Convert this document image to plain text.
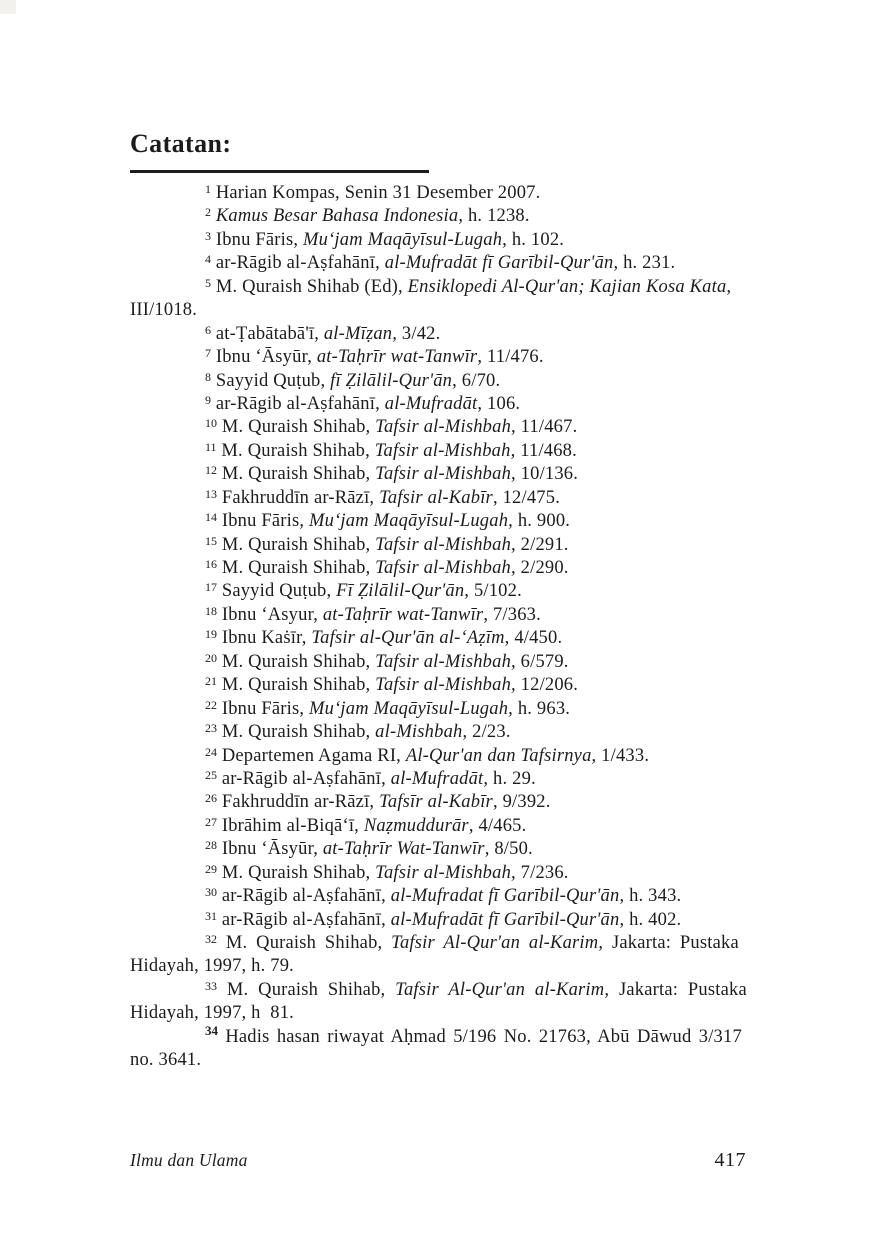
Catatan:
1 Harian Kompas, Senin 31 Desember 2007.
2 Kamus Besar Bahasa Indonesia, h. 1238.
3 Ibnu Fāris, Mu‘jam Maqāyīsul-Lugah, h. 102.
4 ar-Rāgib al-Aṣfahānī, al-Mufradāt fī Garībil-Qur'ān, h. 231.
5 M. Quraish Shihab (Ed), Ensiklopedi Al-Qur'an; Kajian Kosa Kata,
III/1018.
6 at-Ṭabātabā'ī, al-Mīẓan, 3/42.
7 Ibnu ‘Āsyūr, at-Taḥrīr wat-Tanwīr, 11/476.
8 Sayyid Quṭub, fī Ẓilālil-Qur'ān, 6/70.
9 ar-Rāgib al-Aṣfahānī, al-Mufradāt, 106.
10 M. Quraish Shihab, Tafsir al-Mishbah, 11/467.
11 M. Quraish Shihab, Tafsir al-Mishbah, 11/468.
12 M. Quraish Shihab, Tafsir al-Mishbah, 10/136.
13 Fakhruddīn ar-Rāzī, Tafsir al-Kabīr, 12/475.
14 Ibnu Fāris, Mu‘jam Maqāyīsul-Lugah, h. 900.
15 M. Quraish Shihab, Tafsir al-Mishbah, 2/291.
16 M. Quraish Shihab, Tafsir al-Mishbah, 2/290.
17 Sayyid Quṭub, Fī Ẓilālil-Qur'ān, 5/102.
18 Ibnu ‘Asyur, at-Taḥrīr wat-Tanwīr, 7/363.
19 Ibnu Kaṡīr, Tafsir al-Qur'ān al-‘Aẓīm, 4/450.
20 M. Quraish Shihab, Tafsir al-Mishbah, 6/579.
21 M. Quraish Shihab, Tafsir al-Mishbah, 12/206.
22 Ibnu Fāris, Mu‘jam Maqāyīsul-Lugah, h. 963.
23 M. Quraish Shihab, al-Mishbah, 2/23.
24 Departemen Agama RI, Al-Qur'an dan Tafsirnya, 1/433.
25 ar-Rāgib al-Aṣfahānī, al-Mufradāt, h. 29.
26 Fakhruddīn ar-Rāzī, Tafsīr al-Kabīr, 9/392.
27 Ibrāhim al-Biqā‘ī, Naẓmuddurār, 4/465.
28 Ibnu ‘Āsyūr, at-Taḥrīr Wat-Tanwīr, 8/50.
29 M. Quraish Shihab, Tafsir al-Mishbah, 7/236.
30 ar-Rāgib al-Aṣfahānī, al-Mufradat fī Garībil-Qur'ān, h. 343.
31 ar-Rāgib al-Aṣfahānī, al-Mufradāt fī Garībil-Qur'ān, h. 402.
32 M. Quraish Shihab, Tafsir Al-Qur'an al-Karim, Jakarta: Pustaka
Hidayah, 1997, h. 79.
33 M. Quraish Shihab, Tafsir Al-Qur'an al-Karim, Jakarta: Pustaka
Hidayah, 1997, h  81.
34 Hadis hasan riwayat Aḥmad 5/196 No. 21763, Abū Dāwud 3/317
no. 3641.
Ilmu dan Ulama	417
